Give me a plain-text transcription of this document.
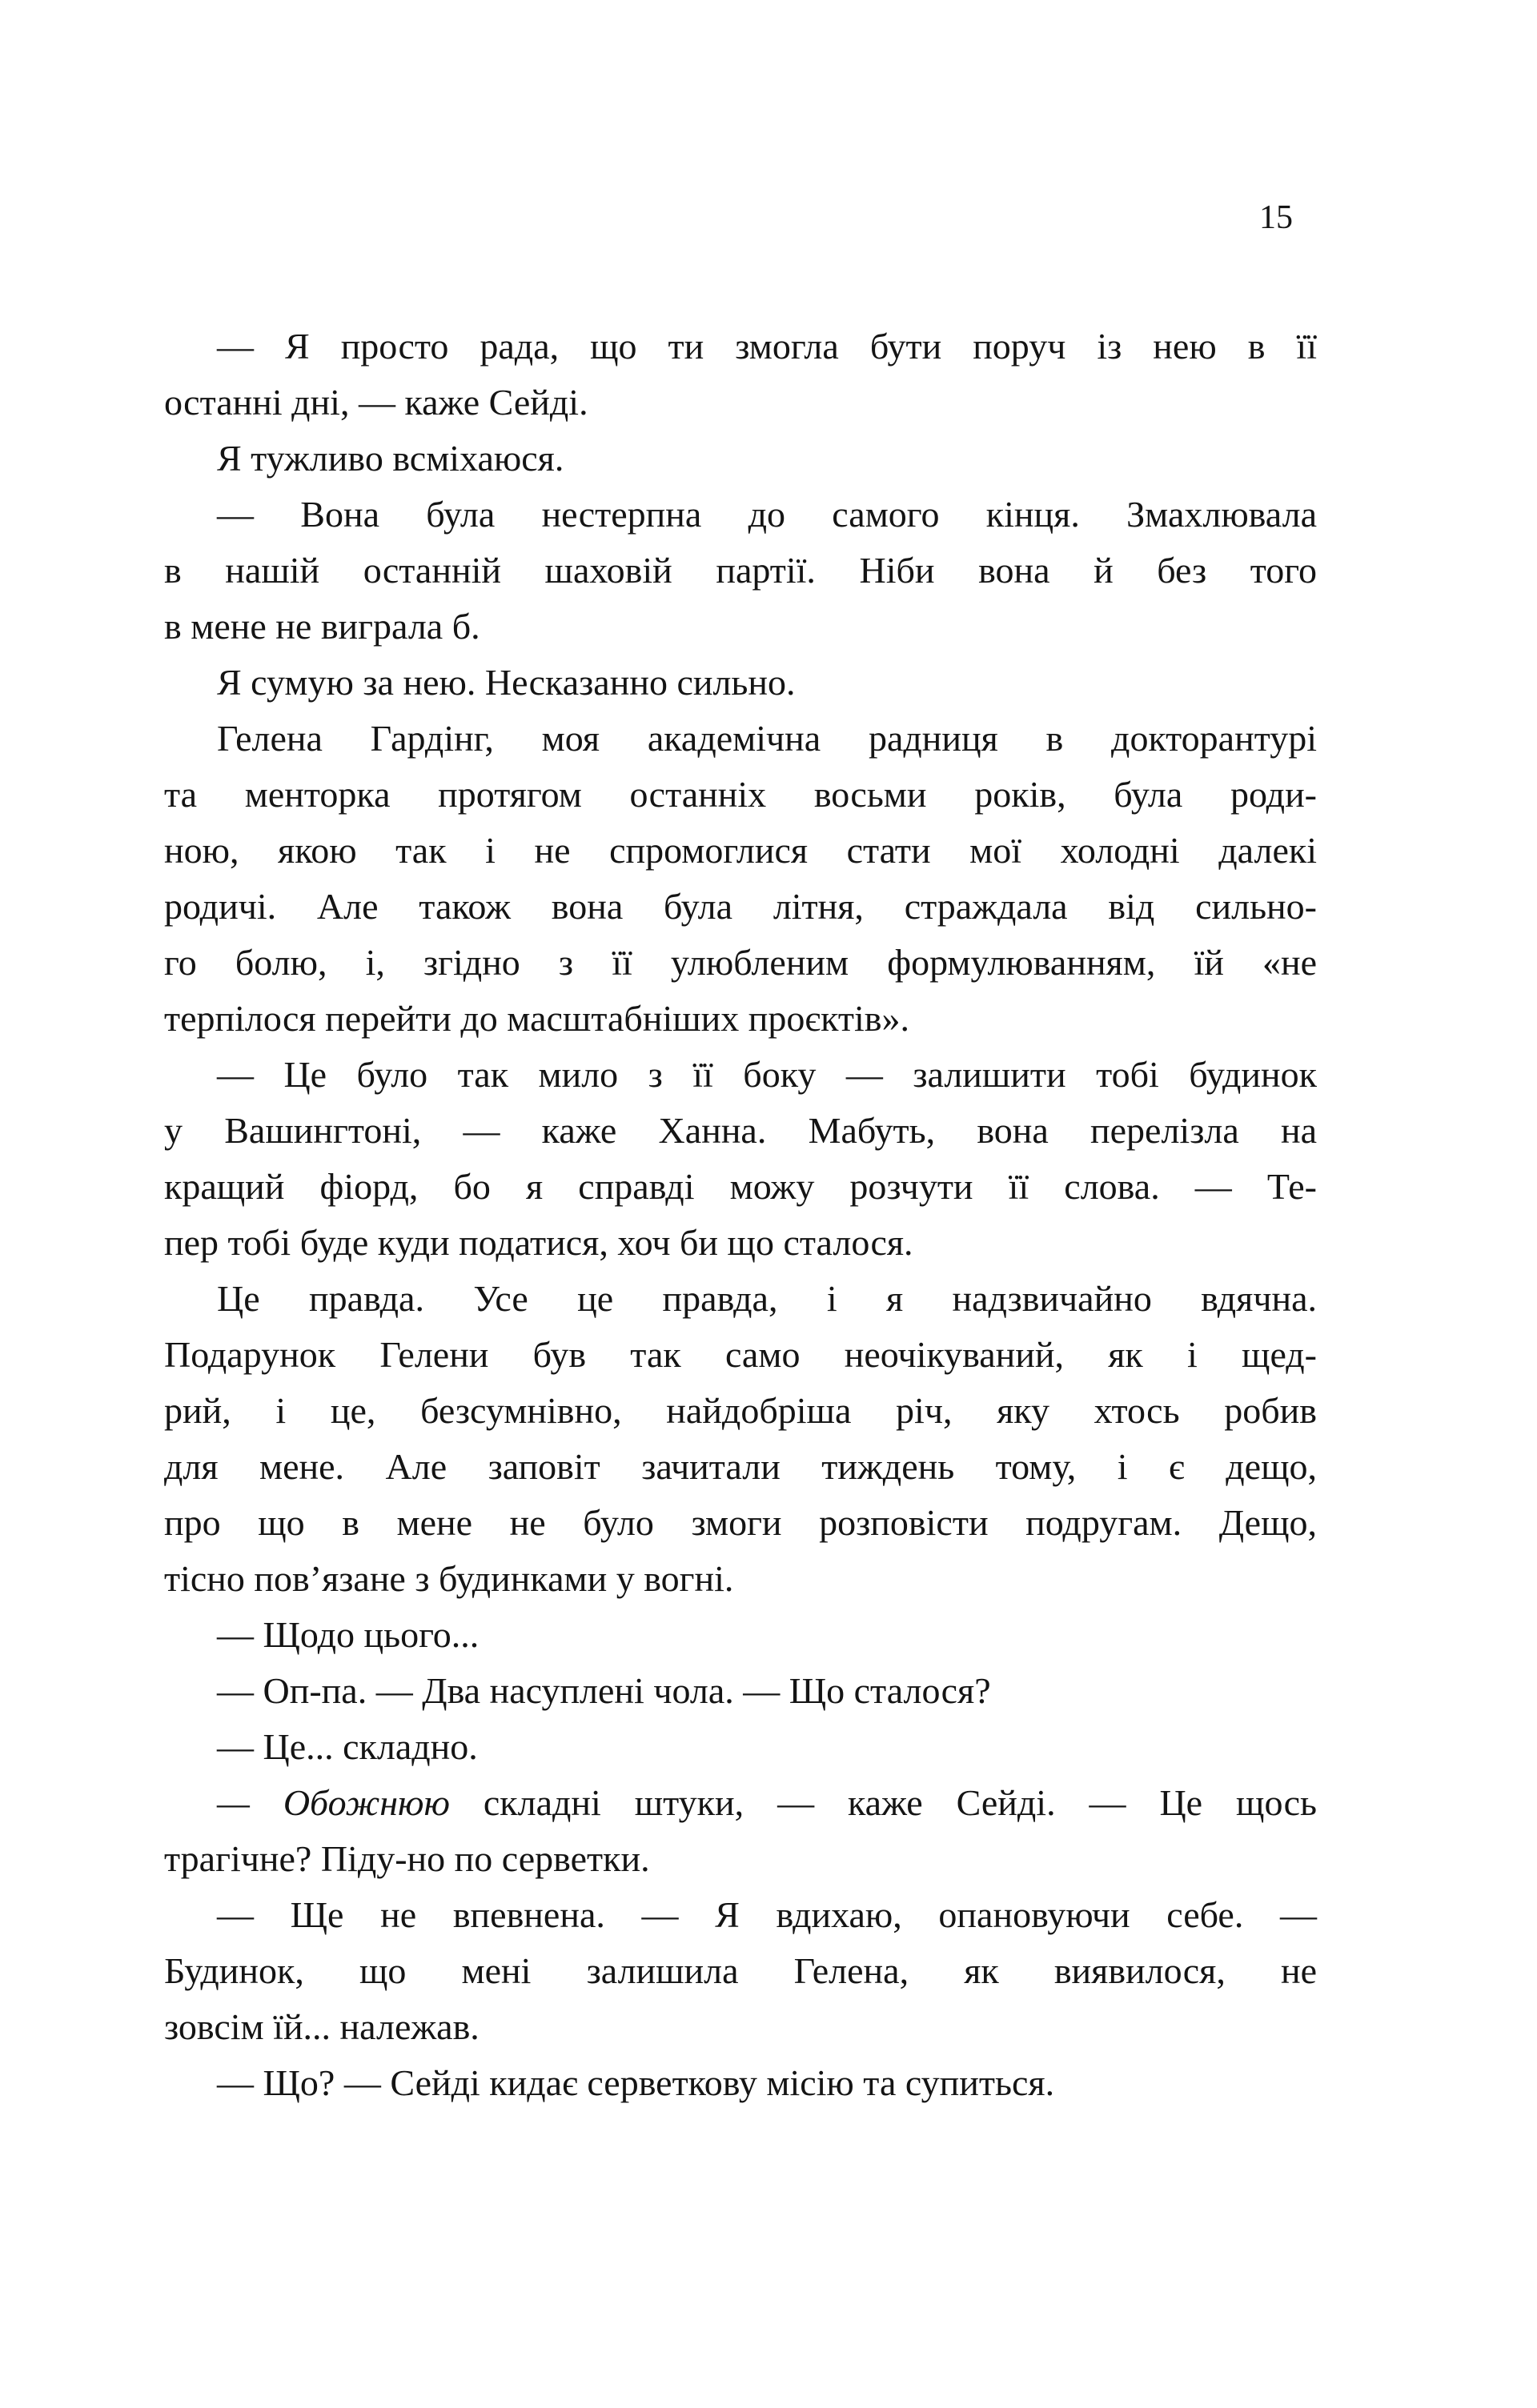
15
— Я просто рада, що ти змогла бути поруч із нею в її
останні дні, — каже Сейді.
Я тужливо всміхаюся.
— Вона була нестерпна до самого кінця. Змахлювала
в нашій останній шаховій партії. Ніби вона й без того
в мене не виграла б.
Я сумую за нею. Несказанно сильно.
Гелена Гардінг, моя академічна радниця в докторантурі
та менторка протягом останніх восьми років, була роди-
ною, якою так і не спромоглися стати мої холодні далекі
родичі. Але також вона була літня, страждала від сильно-
го болю, і, згідно з її улюбленим формулюванням, їй «не
терпілося перейти до масштабніших проєктів».
— Це було так мило з її боку — залишити тобі будинок
у Вашингтоні, — каже Ханна. Мабуть, вона перелізла на
кращий фіорд, бо я справді можу розчути її слова. — Те-
пер тобі буде куди податися, хоч би що сталося.
Це правда. Усе це правда, і я надзвичайно вдячна.
Подарунок Гелени був так само неочікуваний, як і щед-
рий, і це, безсумнівно, найдобріша річ, яку хтось робив
для мене. Але заповіт зачитали тиждень тому, і є дещо,
про що в мене не було змоги розповісти подругам. Дещо,
тісно пов’язане з будинками у вогні.
— Щодо цього...
— Оп-па. — Два насуплені чола. — Що сталося?
— Це... складно.
— Обожнюю складні штуки, — каже Сейді. — Це щось
трагічне? Піду-но по серветки.
— Ще не впевнена. — Я вдихаю, опановуючи себе. —
Будинок, що мені залишила Гелена, як виявилося, не
зовсім їй... належав.
— Що? — Сейді кидає серветкову місію та супиться.
